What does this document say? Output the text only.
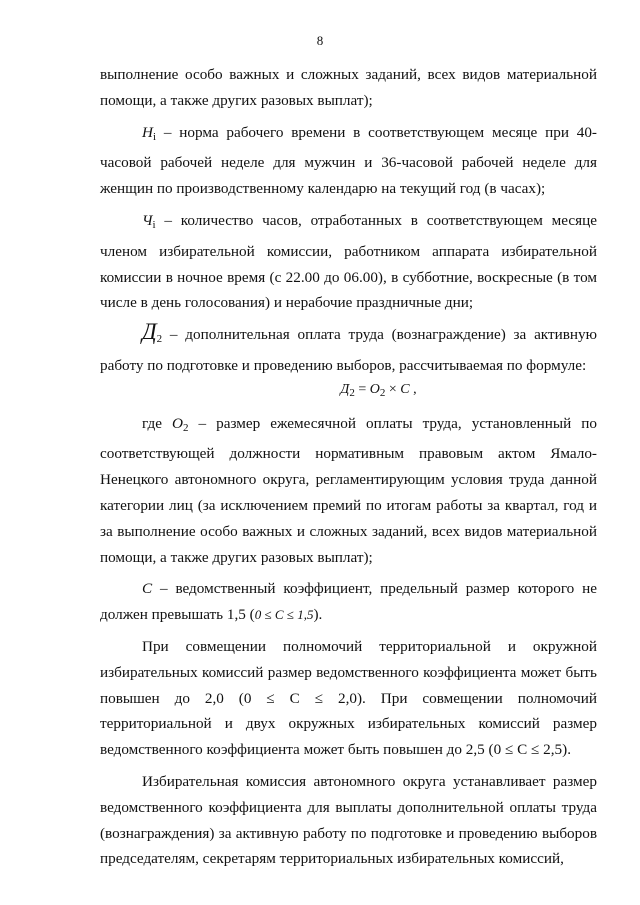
8

выполнение особо важных и сложных заданий, всех видов материальной помощи, а также других разовых выплат);

$Н_i$ – норма рабочего времени в соответствующем месяце при 40-часовой рабочей неделе для мужчин и 36-часовой рабочей неделе для женщин по производственному календарю на текущий год (в часах);

$Ч_i$ – количество часов, отработанных в соответствующем месяце членом избирательной комиссии, работником аппарата избирательной комиссии в ночное время (с 22.00 до 06.00), в субботние, воскресные (в том числе в день голосования) и нерабочие праздничные дни;

$Д_2$ – дополнительная оплата труда (вознаграждение) за активную работу по подготовке и проведению выборов, рассчитываемая по формуле:

$Д_2 = О_2 \times С$ ,

где $О_2$ – размер ежемесячной оплаты труда, установленный по соответствующей должности нормативным правовым актом Ямало-Ненецкого автономного округа, регламентирующим условия труда данной категории лиц (за исключением премий по итогам работы за квартал, год и за выполнение особо важных и сложных заданий, всех видов материальной помощи, а также других разовых выплат);

С – ведомственный коэффициент, предельный размер которого не должен превышать 1,5 (0 ≤ С ≤ 1,5).

При совмещении полномочий территориальной и окружной избирательных комиссий размер ведомственного коэффициента может быть повышен до 2,0 (0 ≤ С ≤ 2,0). При совмещении полномочий территориальной и двух окружных избирательных комиссий размер ведомственного коэффициента может быть повышен до 2,5 (0 ≤ С ≤ 2,5).

Избирательная комиссия автономного округа устанавливает размер ведомственного коэффициента для выплаты дополнительной оплаты труда (вознаграждения) за активную работу по подготовке и проведению выборов председателям, секретарям территориальных избирательных комиссий,
